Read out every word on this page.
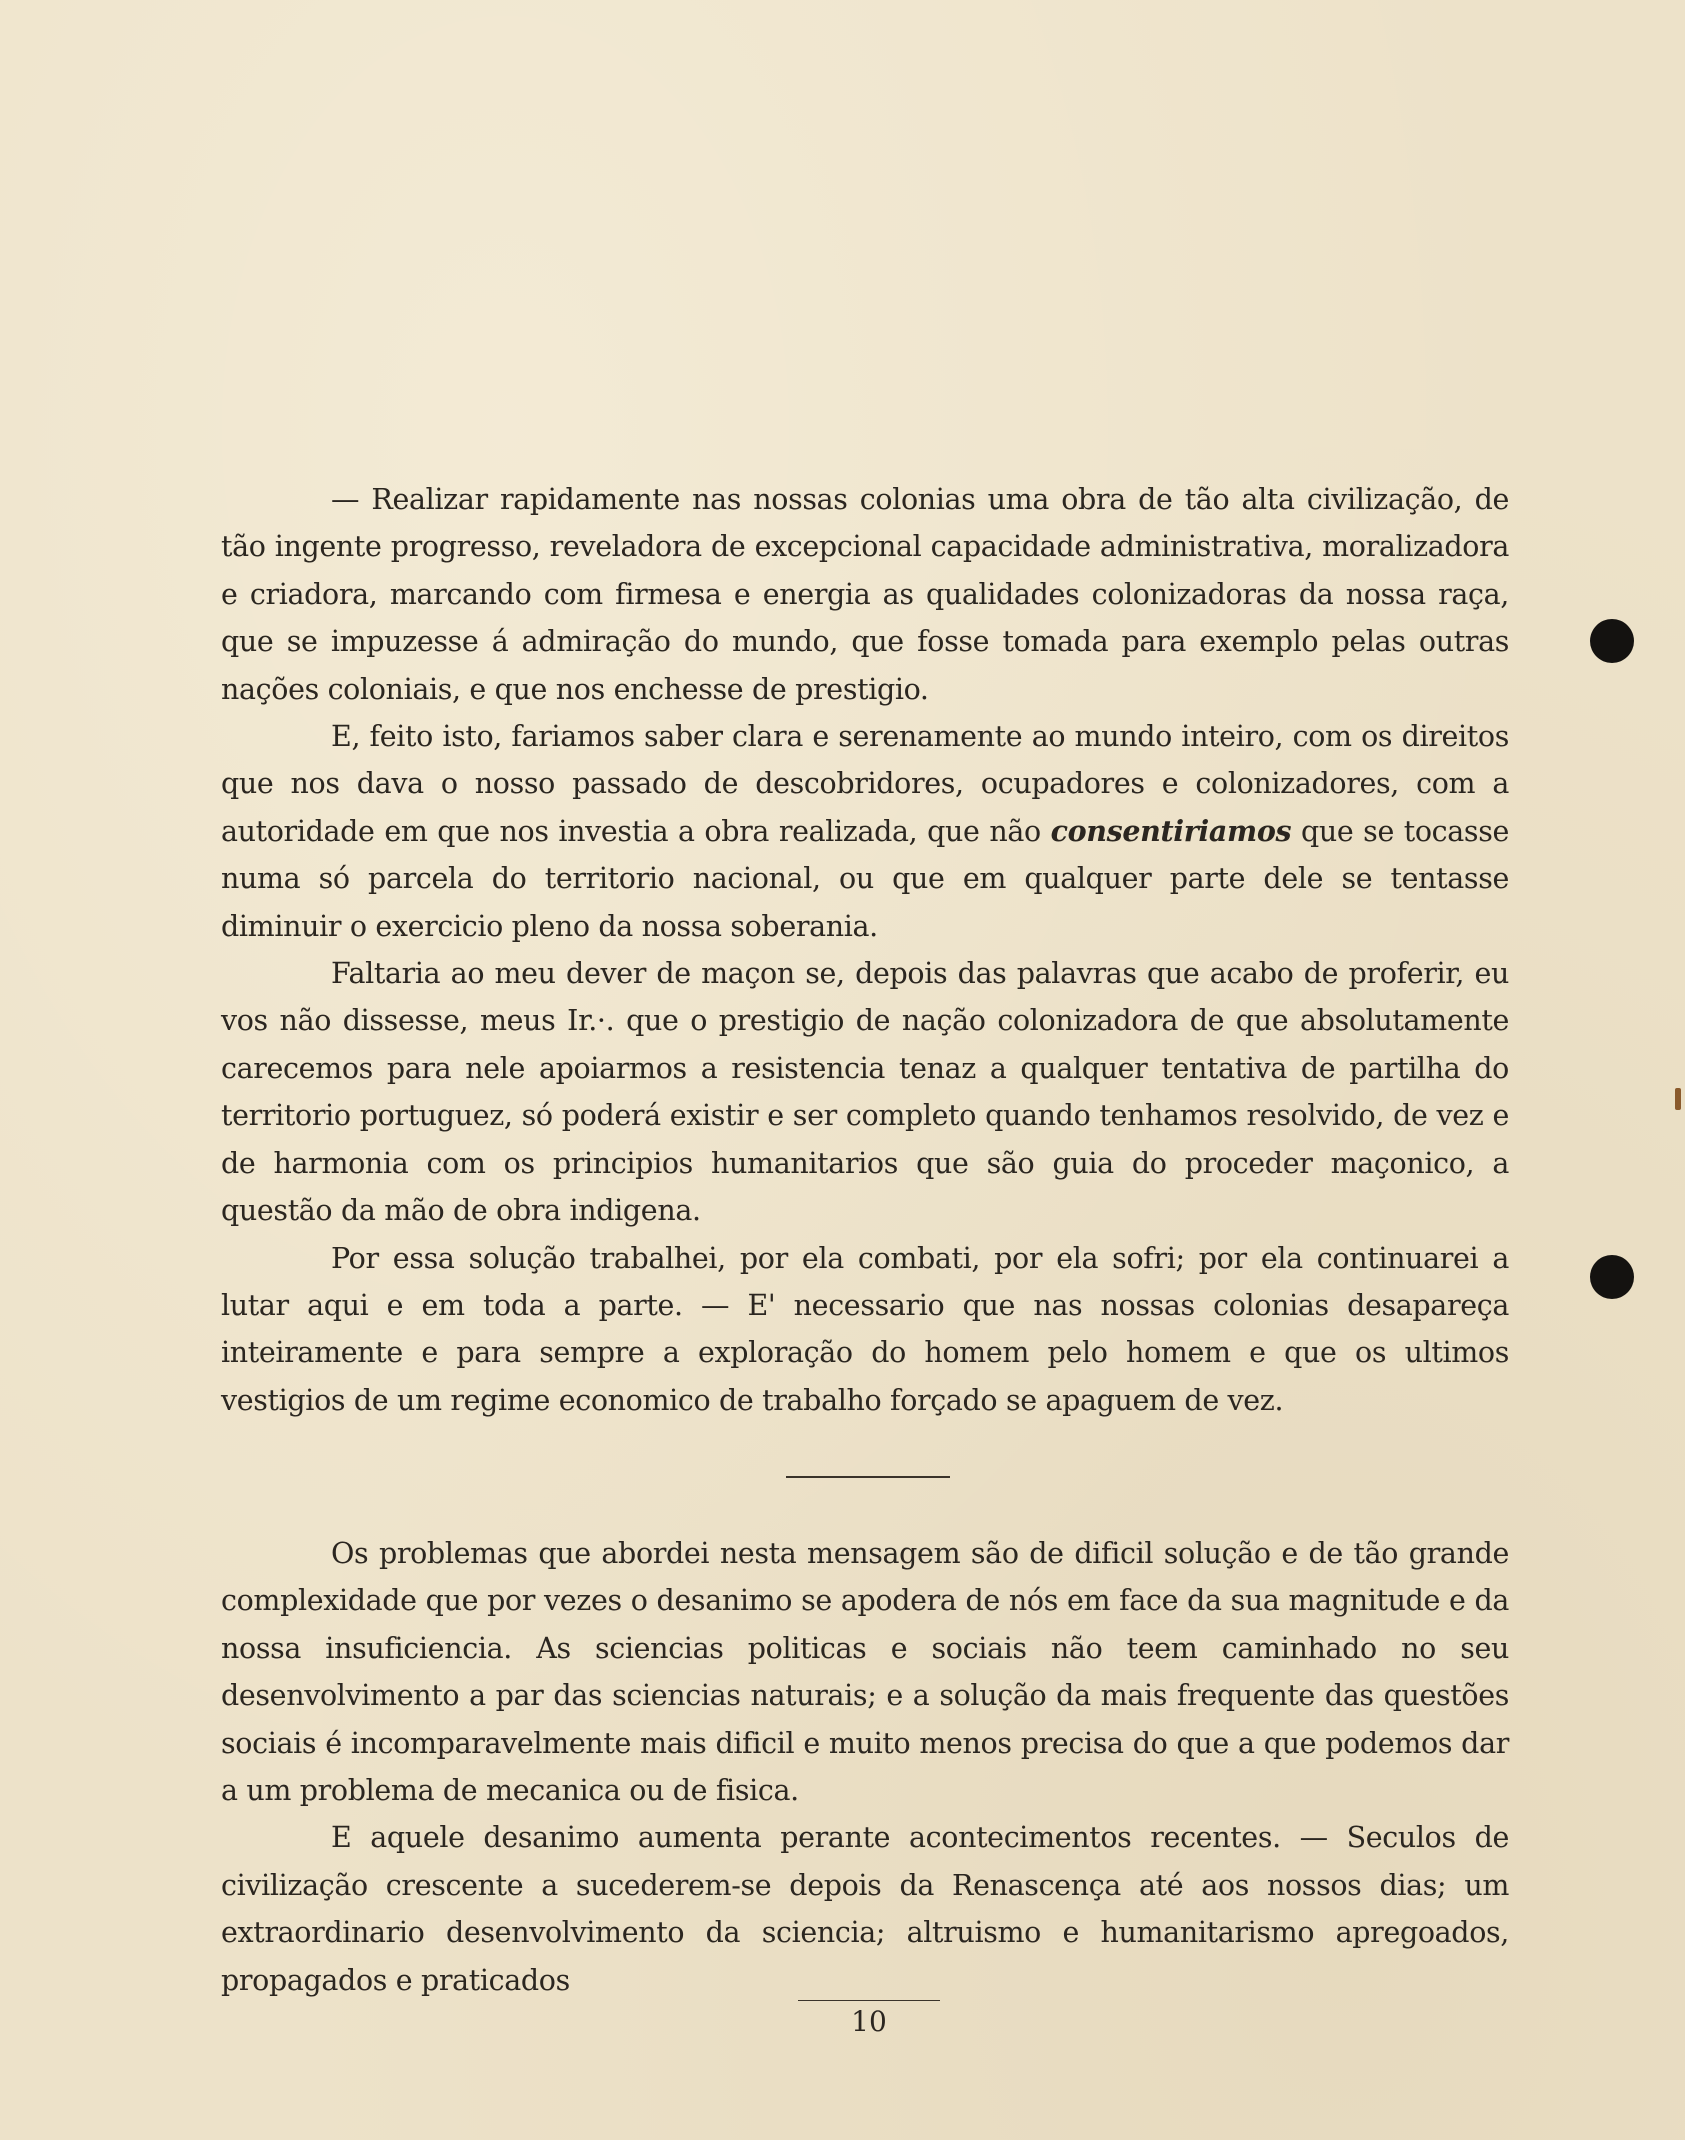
— Realizar rapidamente nas nossas colonias uma obra de tão alta civilização, de tão ingente progresso, reveladora de excepcional capacidade administrativa, moralizadora e criadora, marcando com firmesa e energia as qualidades colonizadoras da nossa raça, que se impuzesse á admiração do mundo, que fosse tomada para exemplo pelas outras nações coloniais, e que nos enchesse de prestigio.

E, feito isto, fariamos saber clara e serenamente ao mundo inteiro, com os direitos que nos dava o nosso passado de descobridores, ocupadores e colonizadores, com a autoridade em que nos investia a obra realizada, que não consentiriamos que se tocasse numa só parcela do territorio nacional, ou que em qualquer parte dele se tentasse diminuir o exercicio pleno da nossa soberania.

Faltaria ao meu dever de maçon se, depois das palavras que acabo de proferir, eu vos não dissesse, meus Ir.·. que o prestigio de nação colonizadora de que absolutamente carecemos para nele apoiarmos a resistencia tenaz a qualquer tentativa de partilha do territorio portuguez, só poderá existir e ser completo quando tenhamos resolvido, de vez e de harmonia com os principios humanitarios que são guia do proceder maçonico, a questão da mão de obra indigena.

Por essa solução trabalhei, por ela combati, por ela sofri; por ela continuarei a lutar aqui e em toda a parte. — E' necessario que nas nossas colonias desapareça inteiramente e para sempre a exploração do homem pelo homem e que os ultimos vestigios de um regime economico de trabalho forçado se apaguem de vez.

Os problemas que abordei nesta mensagem são de dificil solução e de tão grande complexidade que por vezes o desanimo se apodera de nós em face da sua magnitude e da nossa insuficiencia. As sciencias politicas e sociais não teem caminhado no seu desenvolvimento a par das sciencias naturais; e a solução da mais frequente das questões sociais é incomparavelmente mais dificil e muito menos precisa do que a que podemos dar a um problema de mecanica ou de fisica.

E aquele desanimo aumenta perante acontecimentos recentes. — Seculos de civilização crescente a sucederem-se depois da Renascença até aos nossos dias; um extraordinario desenvolvimento da sciencia; altruismo e humanitarismo apregoados, propagados e praticados

10
